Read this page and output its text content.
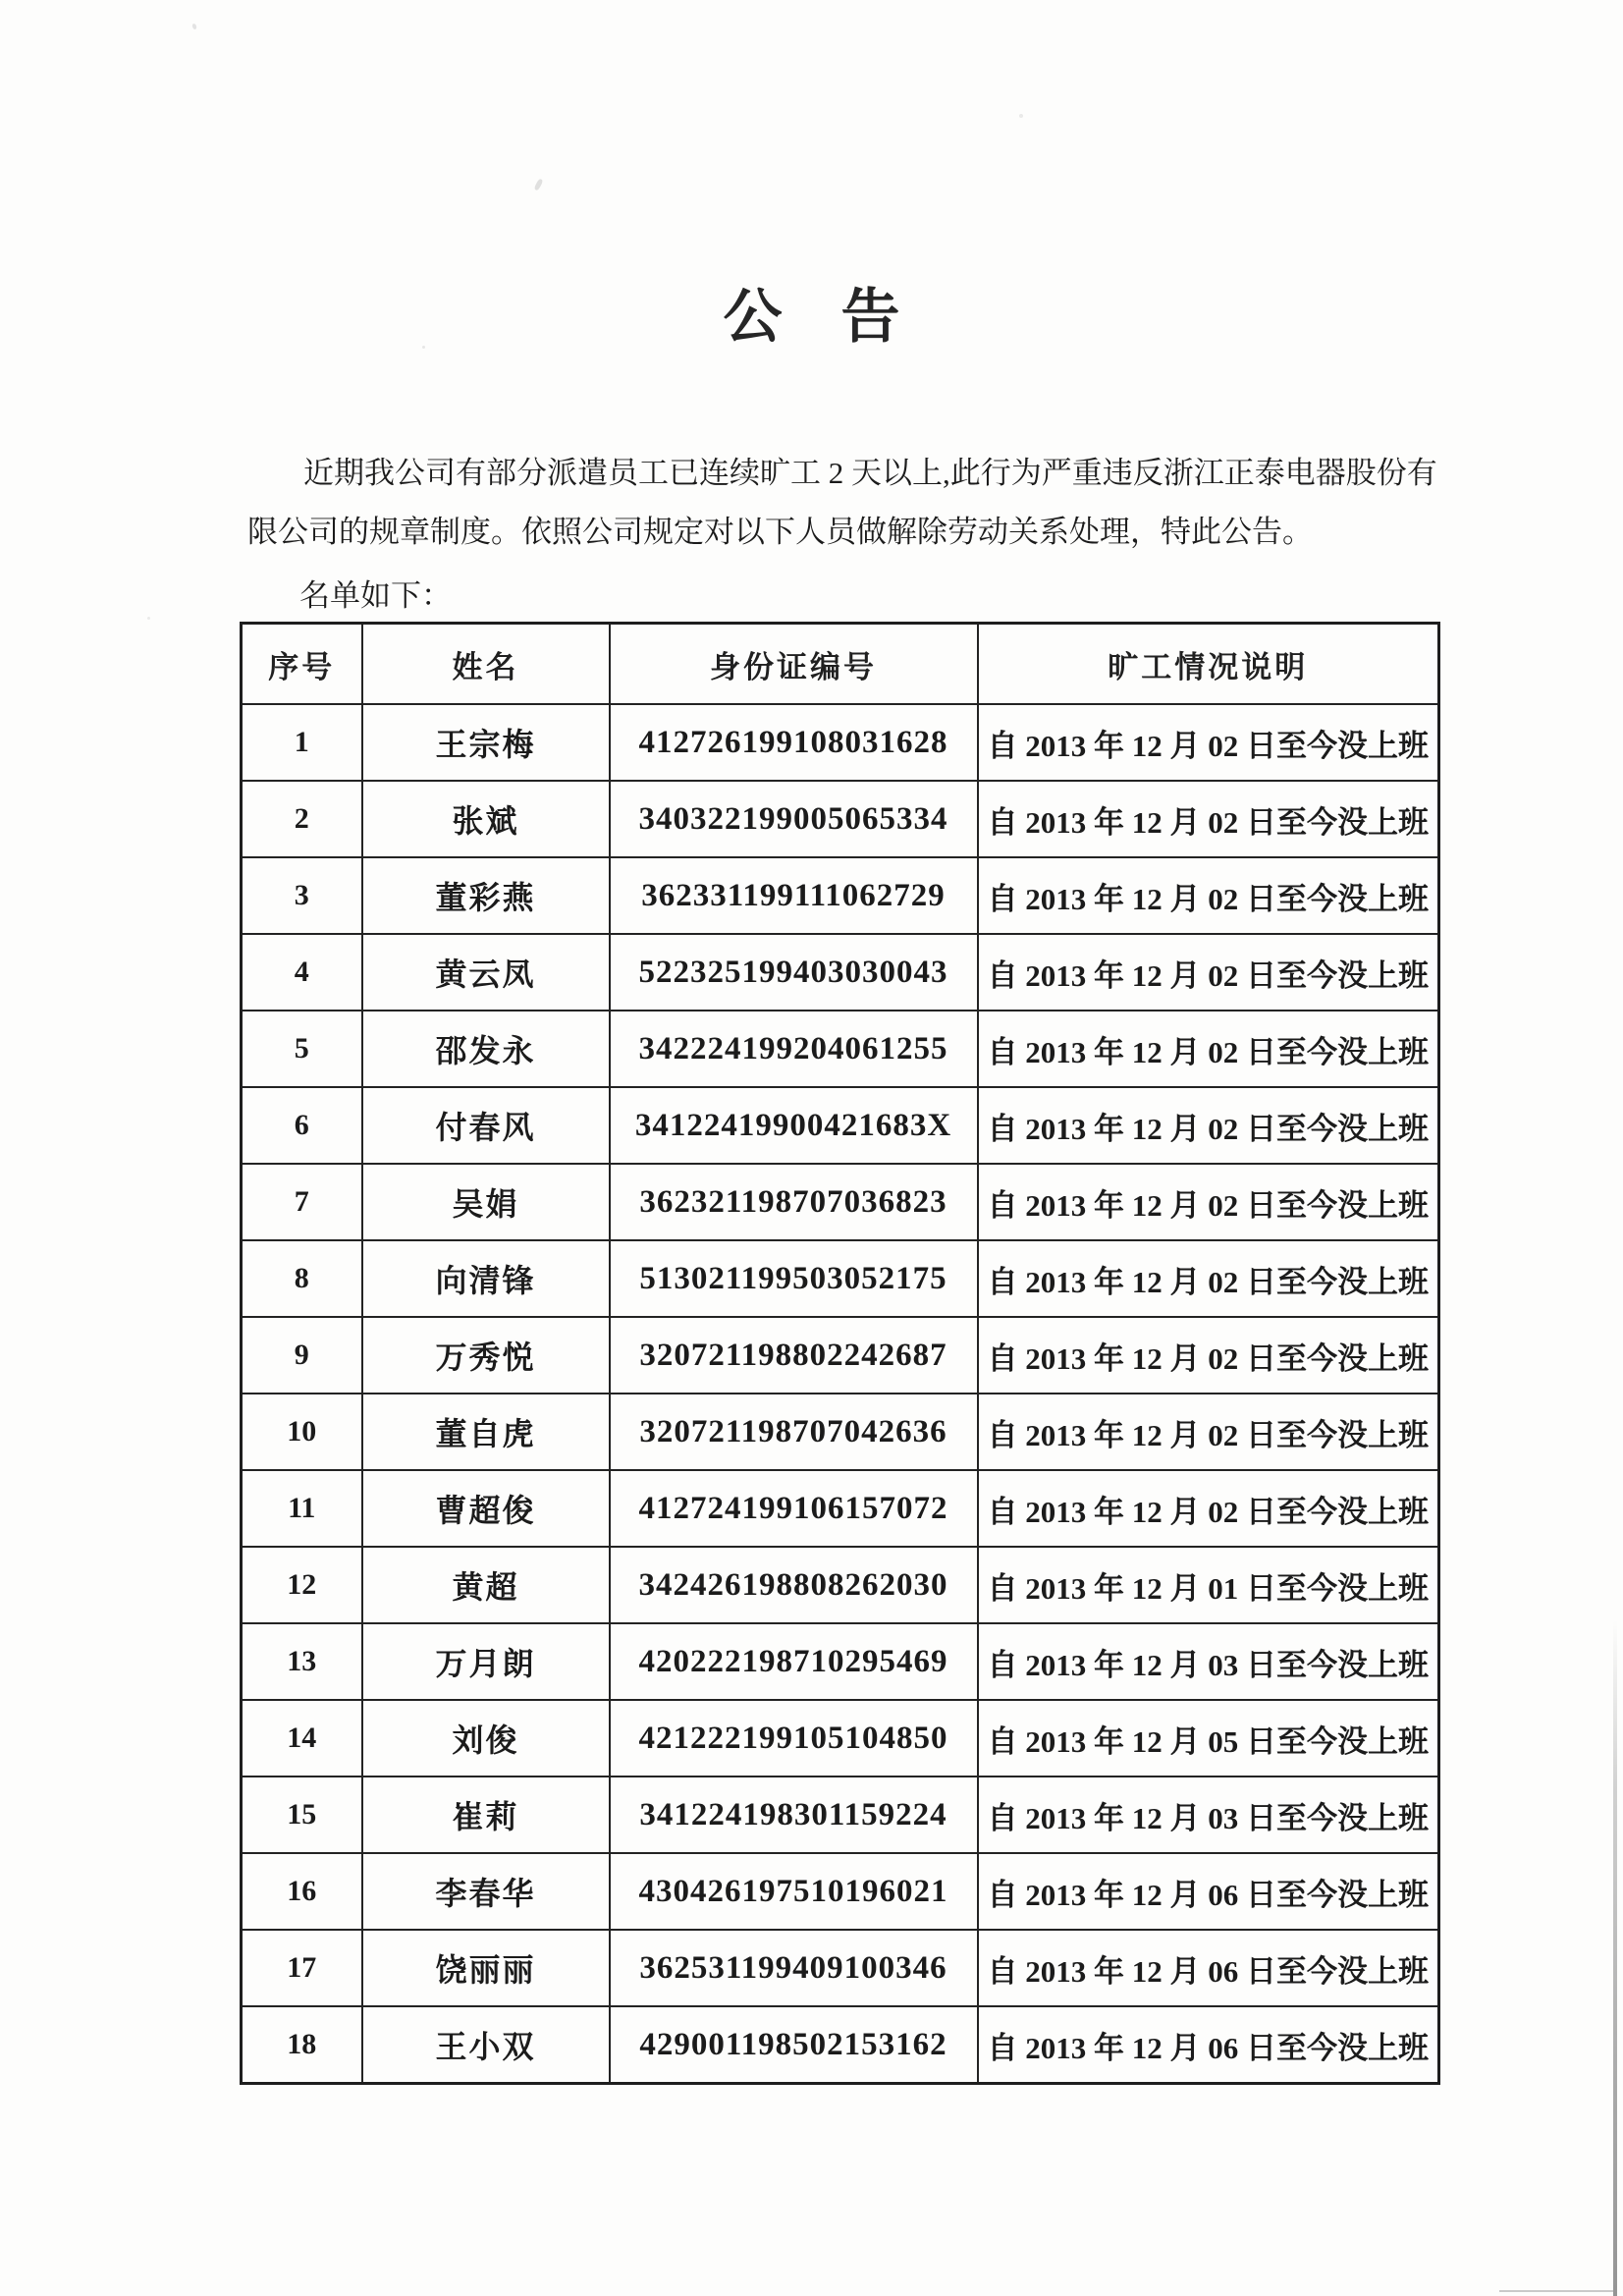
公　告
近期我公司有部分派遣员工已连续旷工 2 天以上,此行为严重违反浙江正泰电器股份有
限公司的规章制度。依照公司规定对以下人员做解除劳动关系处理，特此公告。
名单如下：
序号	姓名	身份证编号	旷工情况说明
1	王宗梅	412726199108031628	自 2013 年 12 月 02 日至今没上班
2	张斌	340322199005065334	自 2013 年 12 月 02 日至今没上班
3	董彩燕	362331199111062729	自 2013 年 12 月 02 日至今没上班
4	黄云凤	522325199403030043	自 2013 年 12 月 02 日至今没上班
5	邵发永	342224199204061255	自 2013 年 12 月 02 日至今没上班
6	付春风	34122419900421683X	自 2013 年 12 月 02 日至今没上班
7	吴娟	362321198707036823	自 2013 年 12 月 02 日至今没上班
8	向清锋	513021199503052175	自 2013 年 12 月 02 日至今没上班
9	万秀悦	320721198802242687	自 2013 年 12 月 02 日至今没上班
10	董自虎	320721198707042636	自 2013 年 12 月 02 日至今没上班
11	曹超俊	412724199106157072	自 2013 年 12 月 02 日至今没上班
12	黄超	342426198808262030	自 2013 年 12 月 01 日至今没上班
13	万月朗	420222198710295469	自 2013 年 12 月 03 日至今没上班
14	刘俊	421222199105104850	自 2013 年 12 月 05 日至今没上班
15	崔莉	341224198301159224	自 2013 年 12 月 03 日至今没上班
16	李春华	430426197510196021	自 2013 年 12 月 06 日至今没上班
17	饶丽丽	362531199409100346	自 2013 年 12 月 06 日至今没上班
18	王小双	429001198502153162	自 2013 年 12 月 06 日至今没上班
